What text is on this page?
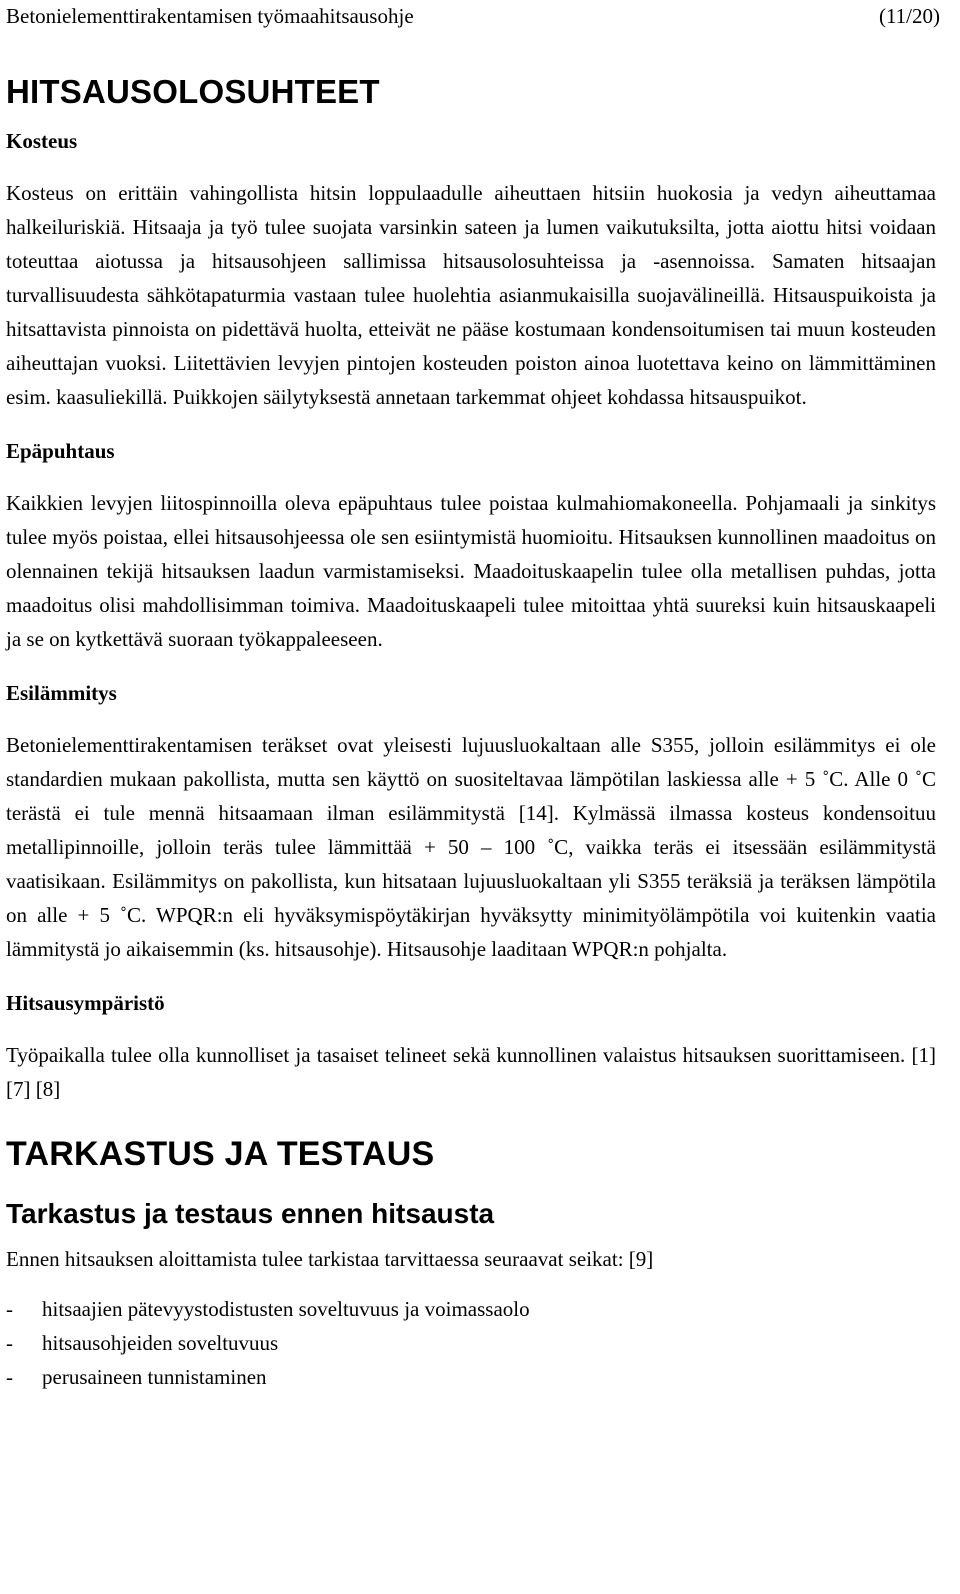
Betonielementtirakentamisen työmaahitsausohje	(11/20)
HITSAUSOLOSUHTEET
Kosteus

Kosteus on erittäin vahingollista hitsin loppulaadulle aiheuttaen hitsiin huokosia ja vedyn aiheuttamaa halkeiluriskiä. Hitsaaja ja työ tulee suojata varsinkin sateen ja lumen vaikutuksilta, jotta aiottu hitsi voidaan toteuttaa aiotussa ja hitsausohjeen sallimissa hitsausolosuhteissa ja -asennoissa. Samaten hitsaajan turvallisuudesta sähkötapaturmia vastaan tulee huolehtia asianmukaisilla suojavälineillä. Hitsauspuikoista ja hitsattavista pinnoista on pidettävä huolta, etteivät ne pääse kostumaan kondensoitumisen tai muun kosteuden aiheuttajan vuoksi. Liitettävien levyjen pintojen kosteuden poiston ainoa luotettava keino on lämmittäminen esim. kaasuliekillä. Puikkojen säilytyksestä annetaan tarkemmat ohjeet kohdassa hitsauspuikot.

Epäpuhtaus

Kaikkien levyjen liitospinnoilla oleva epäpuhtaus tulee poistaa kulmahiomakoneella. Pohjamaali ja sinkitys tulee myös poistaa, ellei hitsausohjeessa ole sen esiintymistä huomioitu. Hitsauksen kunnollinen maadoitus on olennainen tekijä hitsauksen laadun varmistamiseksi. Maadoituskaapelin tulee olla metallisen puhdas, jotta maadoitus olisi mahdollisimman toimiva. Maadoituskaapeli tulee mitoittaa yhtä suureksi kuin hitsauskaapeli ja se on kytkettävä suoraan työkappaleeseen.

Esilämmitys

Betonielementtirakentamisen teräkset ovat yleisesti lujuusluokaltaan alle S355, jolloin esilämmitys ei ole standardien mukaan pakollista, mutta sen käyttö on suositeltavaa lämpötilan laskiessa alle + 5 ˚C. Alle 0 ˚C terästä ei tule mennä hitsaamaan ilman esilämmitystä [14]. Kylmässä ilmassa kosteus kondensoituu metallipinnoille, jolloin teräs tulee lämmittää + 50 – 100 ˚C, vaikka teräs ei itsessään esilämmitystä vaatisikaan. Esilämmitys on pakollista, kun hitsataan lujuusluokaltaan yli S355 teräksiä ja teräksen lämpötila on alle + 5 ˚C. WPQR:n eli hyväksymispöytäkirjan hyväksytty minimityölämpötila voi kuitenkin vaatia lämmitystä jo aikaisemmin (ks. hitsausohje). Hitsausohje laaditaan WPQR:n pohjalta.

Hitsausympäristö

Työpaikalla tulee olla kunnolliset ja tasaiset telineet sekä kunnollinen valaistus hitsauksen suorittamiseen. [1] [7] [8]

TARKASTUS JA TESTAUS
Tarkastus ja testaus ennen hitsausta

Ennen hitsauksen aloittamista tulee tarkistaa tarvittaessa seuraavat seikat: [9]

- hitsaajien pätevyystodistusten soveltuvuus ja voimassaolo
- hitsausohjeiden soveltuvuus
- perusaineen tunnistaminen
